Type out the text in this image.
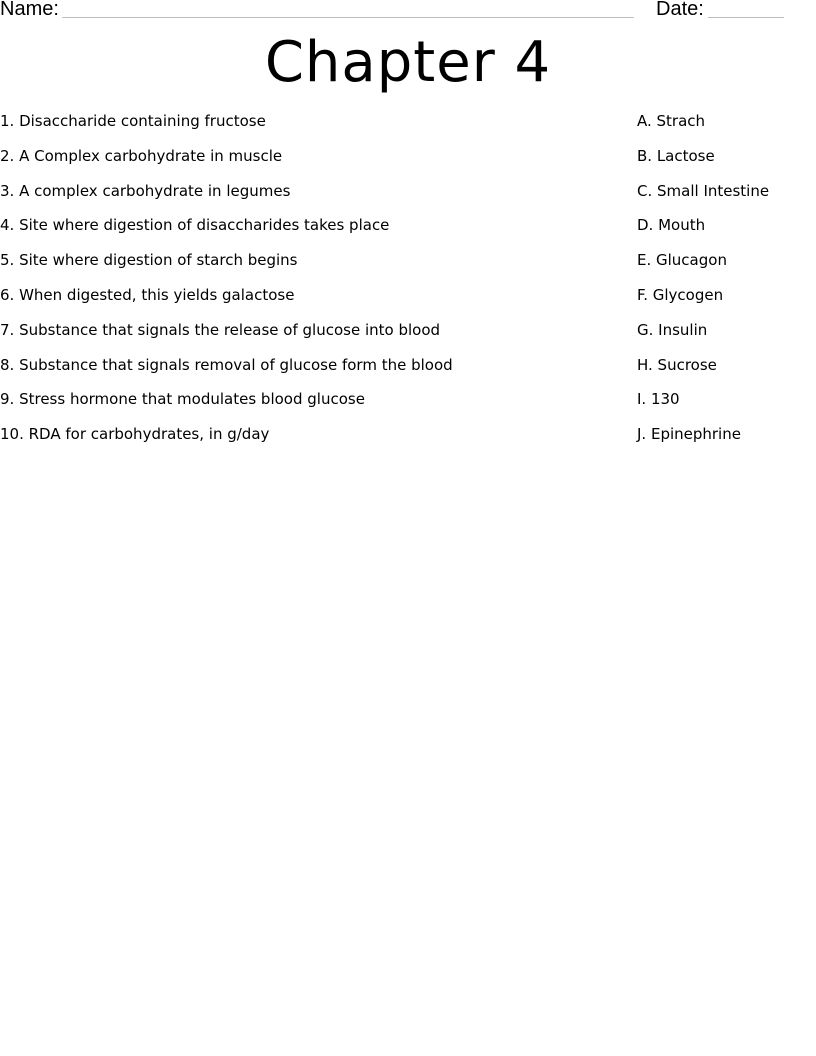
Name:	Date:
Chapter 4
1. Disaccharide containing fructose
2. A Complex carbohydrate in muscle
3. A complex carbohydrate in legumes
4. Site where digestion of disaccharides takes place
5. Site where digestion of starch begins
6. When digested, this yields galactose
7. Substance that signals the release of glucose into blood
8. Substance that signals removal of glucose form the blood
9. Stress hormone that modulates blood glucose
10. RDA for carbohydrates, in g/day
A. Strach
B. Lactose
C. Small Intestine
D. Mouth
E. Glucagon
F. Glycogen
G. Insulin
H. Sucrose
I. 130
J. Epinephrine
